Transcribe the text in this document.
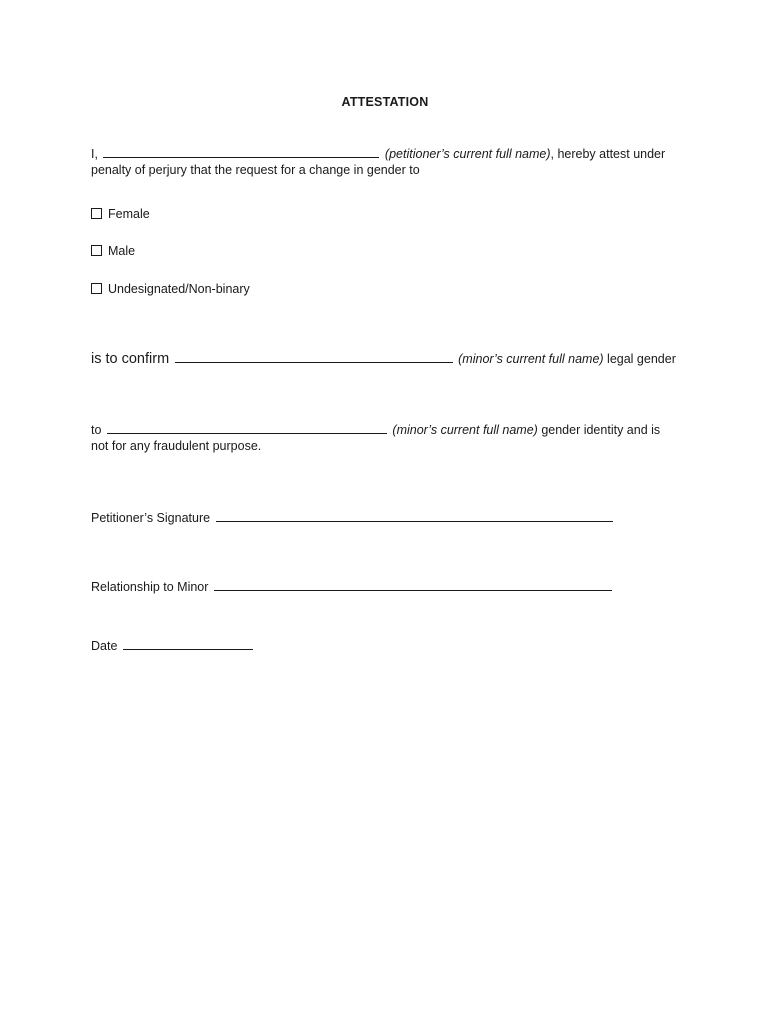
ATTESTATION
I,	(petitioner’s current full name), hereby attest under
penalty of perjury that the request for a change in gender to
Female
Male
Undesignated/Non-binary
is to confirm	(minor’s current full name) legal gender
to	(minor’s current full name) gender identity and is
not for any fraudulent purpose.
Petitioner’s Signature
Relationship to Minor
Date
